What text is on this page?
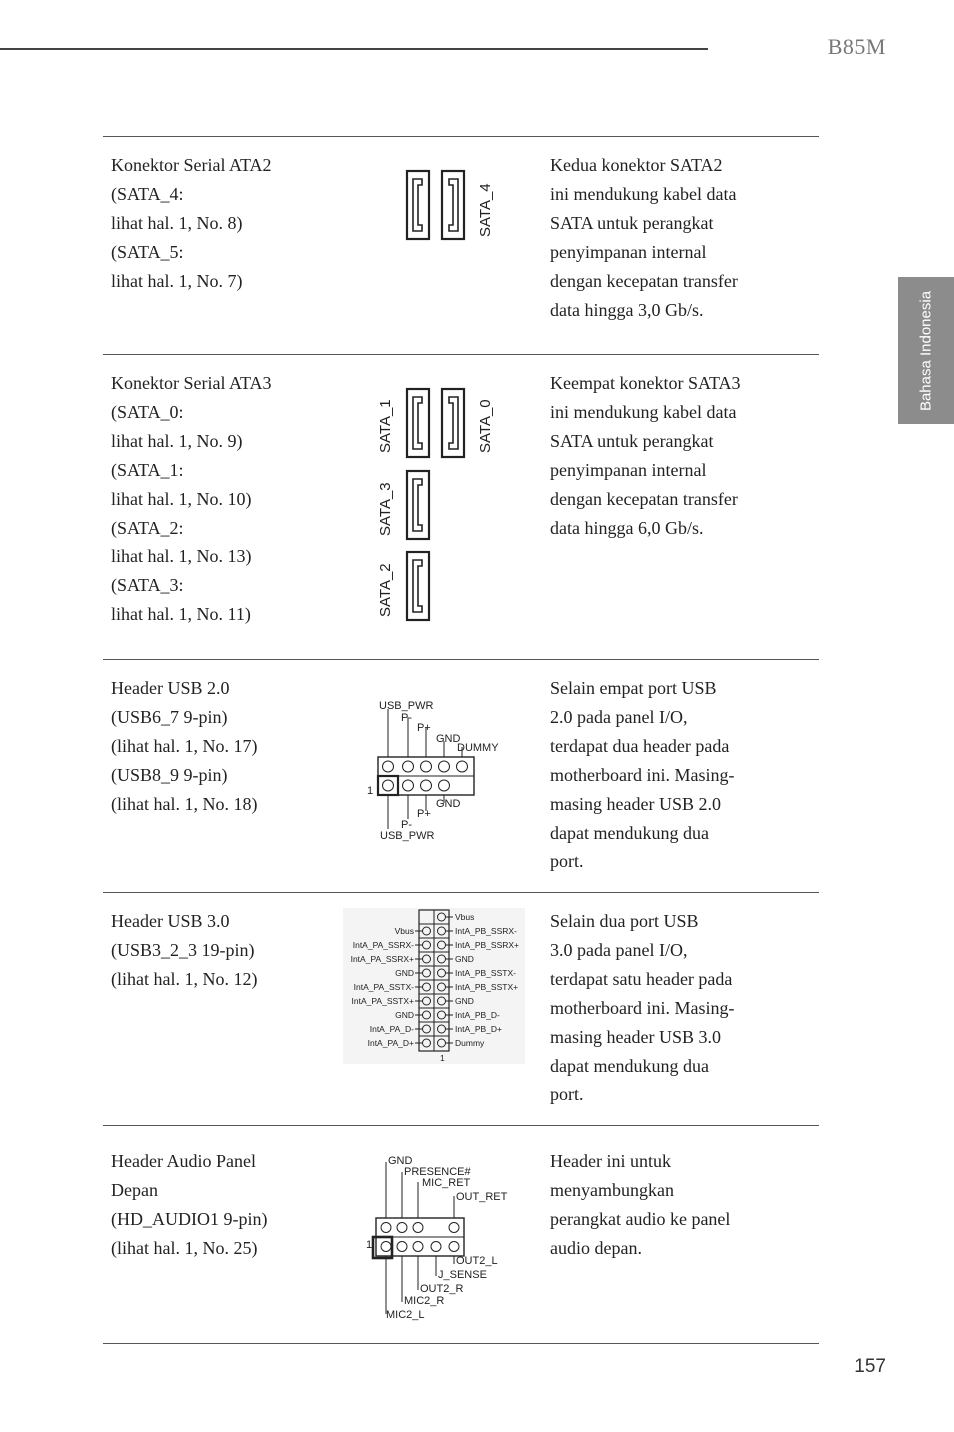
B85M
Bahasa Indonesia
Konektor Serial ATA2
(SATA_4:
lihat hal. 1, No. 8)
(SATA_5:
lihat hal. 1, No. 7)
Kedua konektor SATA2
ini mendukung kabel data
SATA untuk perangkat
penyimpanan internal
dengan kecepatan transfer
data hingga 3,0 Gb/s.
SATA_4
Konektor Serial ATA3
(SATA_0:
lihat hal. 1, No. 9)
(SATA_1:
lihat hal. 1, No. 10)
(SATA_2:
lihat hal. 1, No. 13)
(SATA_3:
lihat hal. 1, No. 11)
Keempat konektor SATA3
ini mendukung kabel data
SATA untuk perangkat
penyimpanan internal
dengan kecepatan transfer
data hingga 6,0 Gb/s.
SATA_1	SATA_0
SATA_3
SATA_2
Header USB 2.0
(USB6_7 9-pin)
(lihat hal. 1, No. 17)
(USB8_9 9-pin)
(lihat hal. 1, No. 18)
Selain empat port USB
2.0 pada panel I/O,
terdapat dua header pada
motherboard ini. Masing-
masing header USB 2.0
dapat mendukung dua
port.
USB_PWR
P-
P+
GND
DUMMY
1
GND
P+
P-
USB_PWR
Header USB 3.0
(USB3_2_3 19-pin)
(lihat hal. 1, No. 12)
Selain dua port USB
3.0 pada panel I/O,
terdapat satu header pada
motherboard ini. Masing-
masing header USB 3.0
dapat mendukung dua
port.
Vbus
IntA_PA_SSRX-
IntA_PA_SSRX+
GND
IntA_PA_SSTX-
IntA_PA_SSTX+
GND
IntA_PA_D-
IntA_PA_D+
Vbus
IntA_PB_SSRX-
IntA_PB_SSRX+
GND
IntA_PB_SSTX-
IntA_PB_SSTX+
GND
IntA_PB_D-
IntA_PB_D+
Dummy
1
Header Audio Panel
Depan
(HD_AUDIO1 9-pin)
(lihat hal. 1, No. 25)
Header ini untuk
menyambungkan
perangkat audio ke panel
audio depan.
GND
PRESENCE#
MIC_RET
OUT_RET
1
OUT2_L
J_SENSE
OUT2_R
MIC2_R
MIC2_L
157
